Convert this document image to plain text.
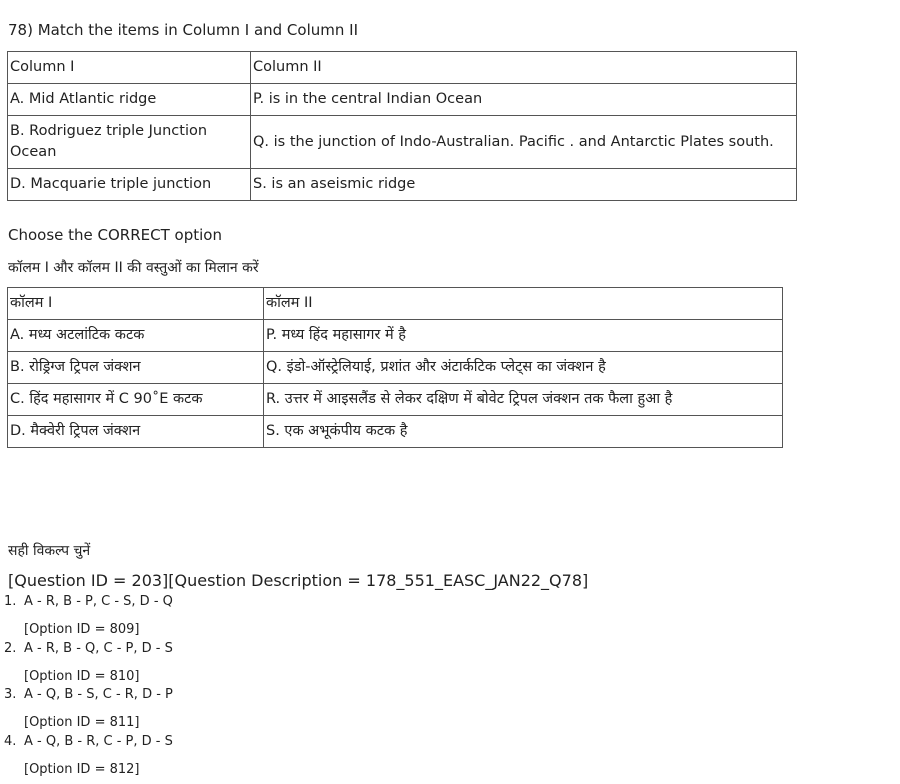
78) Match the items in Column I and Column II
Column I	Column II
A. Mid Atlantic ridge	P. is in the central Indian Ocean
B. Rodriguez triple Junction Ocean	Q. is the junction of Indo-Australian. Pacific . and Antarctic Plates south.
D. Macquarie triple junction	S. is an aseismic ridge
Choose the CORRECT option
कॉलम I और कॉलम II की वस्तुओं का मिलान करें
कॉलम I	कॉलम II
A. मध्य अटलांटिक कटक	P. मध्य हिंद महासागर में है
B. रोड्रिग्ज ट्रिपल जंक्शन	Q. इंडो-ऑस्ट्रेलियाई, प्रशांत और अंटार्कटिक प्लेट्स का जंक्शन है
C. हिंद महासागर में C 90˚E कटक	R. उत्तर में आइसलैंड से लेकर दक्षिण में बोवेट ट्रिपल जंक्शन तक फैला हुआ है
D. मैक्वेरी ट्रिपल जंक्शन	S. एक अभूकंपीय कटक है
सही विकल्प चुनें
[Question ID = 203][Question Description = 178_551_EASC_JAN22_Q78]
1. A - R, B - P, C - S, D - Q
[Option ID = 809]
2. A - R, B - Q, C - P, D - S
[Option ID = 810]
3. A - Q, B - S, C - R, D - P
[Option ID = 811]
4. A - Q, B - R, C - P, D - S
[Option ID = 812]
